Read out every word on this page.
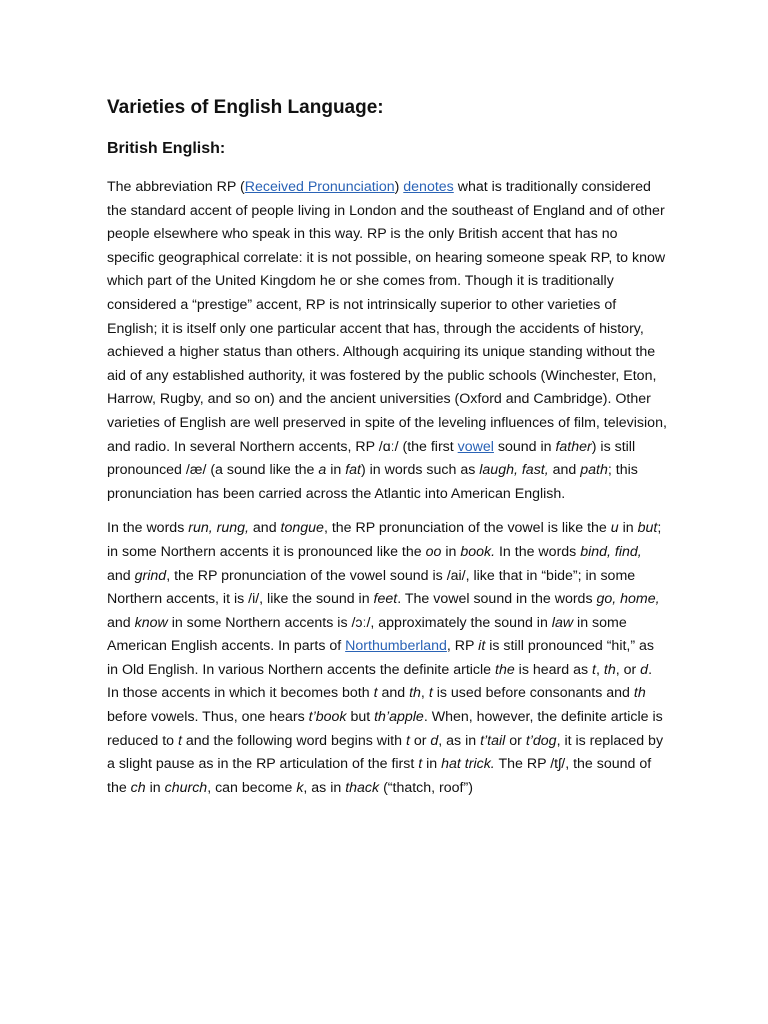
Varieties of English Language:
British English:

The abbreviation RP (Received Pronunciation) denotes what is traditionally considered the standard accent of people living in London and the southeast of England and of other people elsewhere who speak in this way. RP is the only British accent that has no specific geographical correlate: it is not possible, on hearing someone speak RP, to know which part of the United Kingdom he or she comes from. Though it is traditionally considered a “prestige” accent, RP is not intrinsically superior to other varieties of English; it is itself only one particular accent that has, through the accidents of history, achieved a higher status than others. Although acquiring its unique standing without the aid of any established authority, it was fostered by the public schools (Winchester, Eton, Harrow, Rugby, and so on) and the ancient universities (Oxford and Cambridge). Other varieties of English are well preserved in spite of the leveling influences of film, television, and radio. In several Northern accents, RP /ɑː/ (the first vowel sound in father) is still pronounced /æ/ (a sound like the a in fat) in words such as laugh, fast, and path; this pronunciation has been carried across the Atlantic into American English.

In the words run, rung, and tongue, the RP pronunciation of the vowel is like the u in but; in some Northern accents it is pronounced like the oo in book. In the words bind, find, and grind, the RP pronunciation of the vowel sound is /ai/, like that in “bide”; in some Northern accents, it is /i/, like the sound in feet. The vowel sound in the words go, home, and know in some Northern accents is /ɔː/, approximately the sound in law in some American English accents. In parts of Northumberland, RP it is still pronounced “hit,” as in Old English. In various Northern accents the definite article the is heard as t, th, or d. In those accents in which it becomes both t and th, t is used before consonants and th before vowels. Thus, one hears t’book but th’apple. When, however, the definite article is reduced to t and the following word begins with t or d, as in t’tail or t’dog, it is replaced by a slight pause as in the RP articulation of the first t in hat trick. The RP /tʃ/, the sound of the ch in church, can become k, as in thack (“thatch, roof”)
